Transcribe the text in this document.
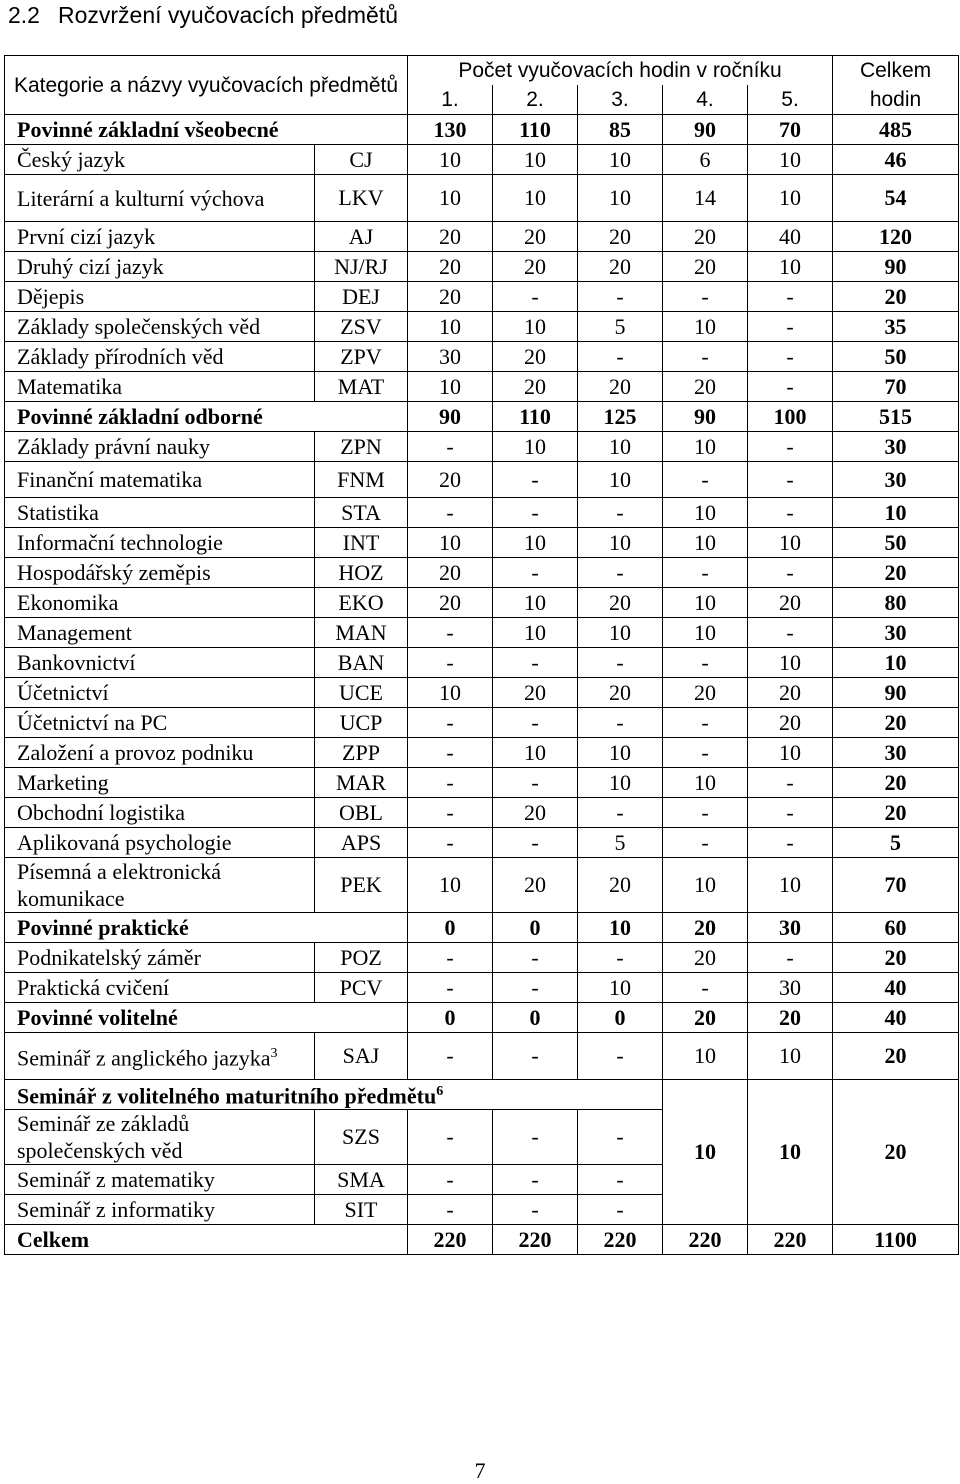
2.2 Rozvržení vyučovacích předmětů
Kategorie a názvy vyučovacích předmětů		Počet vyučovacích hodin v ročníku					Celkem hodin
		1.	2.	3.	4.	5.	
Povinné základní všeobecné		130	110	85	90	70	485
Český jazyk	CJ	10	10	10	6	10	46
Literární a kulturní výchova	LKV	10	10	10	14	10	54
První cizí jazyk	AJ	20	20	20	20	40	120
Druhý cizí jazyk	NJ/RJ	20	20	20	20	10	90
Dějepis	DEJ	20	-	-	-	-	20
Základy společenských věd	ZSV	10	10	5	10	-	35
Základy přírodních věd	ZPV	30	20	-	-	-	50
Matematika	MAT	10	20	20	20	-	70
Povinné základní odborné		90	110	125	90	100	515
Základy právní nauky	ZPN	-	10	10	10	-	30
Finanční matematika	FNM	20	-	10	-	-	30
Statistika	STA	-	-	-	10	-	10
Informační technologie	INT	10	10	10	10	10	50
Hospodářský zeměpis	HOZ	20	-	-	-	-	20
Ekonomika	EKO	20	10	20	10	20	80
Management	MAN	-	10	10	10	-	30
Bankovnictví	BAN	-	-	-	-	10	10
Účetnictví	UCE	10	20	20	20	20	90
Účetnictví na PC	UCP	-	-	-	-	20	20
Založení a provoz podniku	ZPP	-	10	10	-	10	30
Marketing	MAR	-	-	10	10	-	20
Obchodní logistika	OBL	-	20	-	-	-	20
Aplikovaná psychologie	APS	-	-	5	-	-	5
Písemná a elektronická komunikace	PEK	10	20	20	10	10	70
Povinné praktické		0	0	10	20	30	60
Podnikatelský záměr	POZ	-	-	-	20	-	20
Praktická cvičení	PCV	-	-	10	-	30	40
Povinné volitelné		0	0	0	20	20	40
Seminář z anglického jazyka$^3$	SAJ	-	-	-	10	10	20
Seminář z volitelného maturitního předmětu$^6$					10	10	20
Seminář ze základů společenských věd	SZS	-	-	-			
Seminář z matematiky	SMA	-	-	-			
Seminář z informatiky	SIT	-	-	-			
Celkem		220	220	220	220	220	1100
7
